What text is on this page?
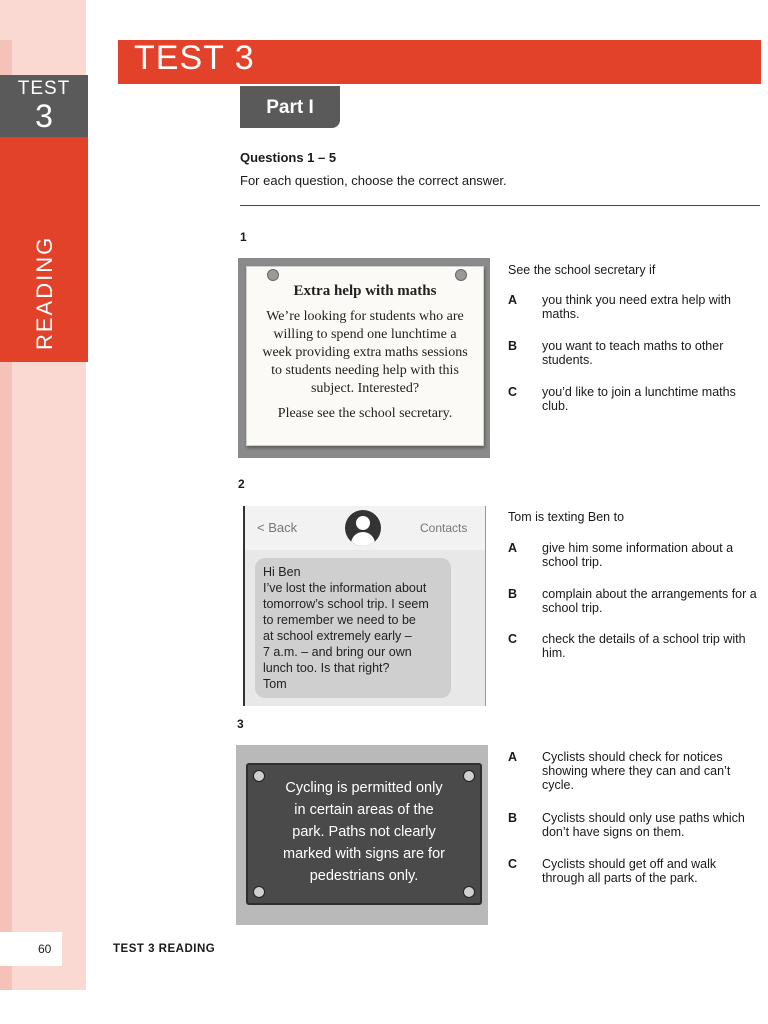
TEST
3
READING
TEST 3
Part I
Questions 1 – 5
For each question, choose the correct answer.
1
Extra help with maths
We’re looking for students who are willing to spend one lunchtime a week providing extra maths sessions to students needing help with this subject. Interested?
Please see the school secretary.
See the school secretary if
A you think you need extra help with maths.
B you want to teach maths to other students.
C you’d like to join a lunchtime maths club.
2
< Back	Contacts
Hi Ben
I’ve lost the information about
tomorrow’s school trip. I seem
to remember we need to be
at school extremely early –
7 a.m. – and bring our own
lunch too. Is that right?
Tom
Tom is texting Ben to
A give him some information about a school trip.
B complain about the arrangements for a school trip.
C check the details of a school trip with him.
3
Cycling is permitted only
in certain areas of the
park. Paths not clearly
marked with signs are for
pedestrians only.
A Cyclists should check for notices showing where they can and can’t cycle.
B Cyclists should only use paths which don’t have signs on them.
C Cyclists should get off and walk through all parts of the park.
60	TEST 3 READING
